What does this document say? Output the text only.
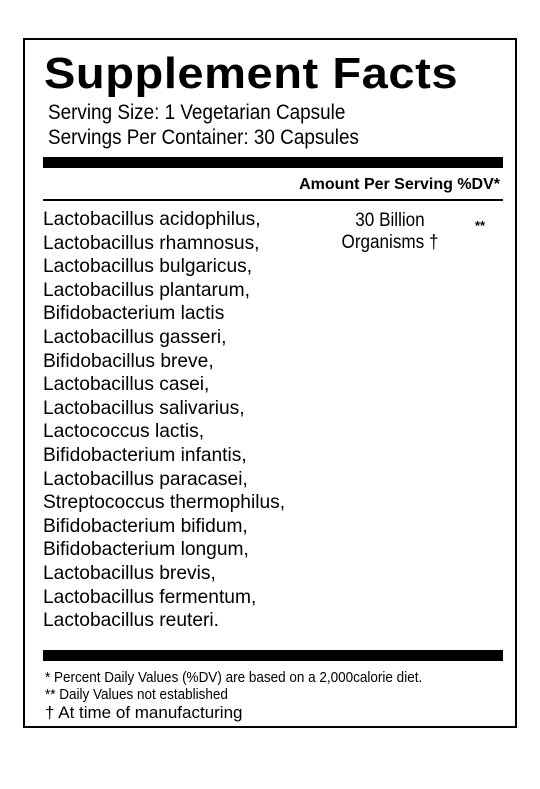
Supplement Facts
Serving Size: 1 Vegetarian Capsule
Servings Per Container: 30 Capsules
Amount Per Serving %DV*
Lactobacillus acidophilus,
Lactobacillus rhamnosus,
Lactobacillus bulgaricus,
Lactobacillus plantarum,
Bifidobacterium lactis
Lactobacillus gasseri,
Bifidobacillus breve,
Lactobacillus casei,
Lactobacillus salivarius,
Lactococcus lactis,
Bifidobacterium infantis,
Lactobacillus paracasei,
Streptococcus thermophilus,
Bifidobacterium bifidum,
Bifidobacterium longum,
Lactobacillus brevis,
Lactobacillus fermentum,
Lactobacillus reuteri.
30 Billion
Organisms †
**
* Percent Daily Values (%DV) are based on a 2,000calorie diet.
** Daily Values not established
† At time of manufacturing
